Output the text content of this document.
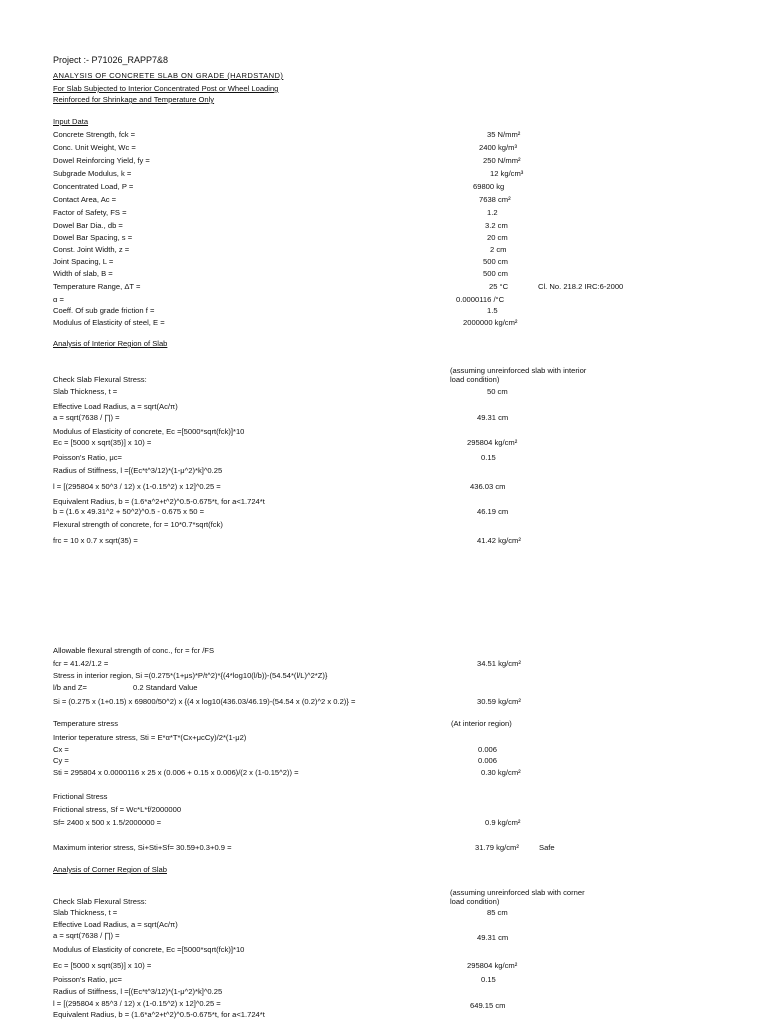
Project :- P71026_RAPP7&8
ANALYSIS OF CONCRETE SLAB ON GRADE (HARDSTAND)
For Slab Subjected to Interior Concentrated Post or Wheel Loading
Reinforced for Shrinkage and Temperature Only
Input Data
Concrete Strength, fck =	35 N/mm²
Conc. Unit Weight, Wc =	2400 kg/m³
Dowel Reinforcing Yield, fy =	250 N/mm²
Subgrade Modulus, k =	12 kg/cm³
Concentrated Load, P =	69800 kg
Contact Area, Ac =	7638 cm²
Factor of Safety, FS =	1.2
Dowel Bar Dia., db =	3.2 cm
Dowel Bar Spacing, s =	20 cm
Const. Joint Width, z =	2 cm
Joint Spacing, L =	500 cm
Width of slab, B =	500 cm
Temperature Range, ΔT =	25 °C	Cl. No. 218.2 IRC:6-2000
α =	0.0000116 /°C
Coeff. Of sub grade friction f =	1.5
Modulus of Elasticity of steel, E =	2000000 kg/cm²
Analysis of Interior Region of Slab
(assuming unreinforced slab with interior
load condition)
Check Slab Flexural Stress:
Slab Thickness, t =	50 cm
Effective Load Radius, a = sqrt(Ac/π)
a = sqrt(7638 / ∏) =	49.31 cm
Modulus of Elasticity of concrete, Ec =[5000*sqrt(fck)]*10
Ec = [5000 x sqrt(35)] x 10) =	295804 kg/cm²
Poisson's Ratio, μc=	0.15
Radius of Stiffness, l =[(Ec*t^3/12)*(1-μ^2)*k]^0.25
l = [(295804 x 50^3 / 12) x (1-0.15^2) x 12]^0.25 =	436.03 cm
Equivalent Radius, b = (1.6*a^2+t^2)^0.5-0.675*t, for a<1.724*t
b = (1.6 x 49.31^2 + 50^2)^0.5 - 0.675 x 50 =	46.19 cm
Flexural strength of concrete, fcr = 10*0.7*sqrt(fck)
frc = 10 x 0.7 x sqrt(35) =	41.42 kg/cm²
Allowable flexural strength of conc., fcr = fcr /FS
fcr = 41.42/1.2 =	34.51 kg/cm²
Stress in interior region, Si =(0.275*(1+μs)*P/t^2)*{(4*log10(l/b))-(54.54*(l/L)^2*Z)}
l/b and Z=	0.2 Standard Value
Si = (0.275 x (1+0.15) x 69800/50^2) x {(4 x log10(436.03/46.19)-(54.54 x (0.2)^2 x 0.2)} =	30.59 kg/cm²
Temperature stress	(At interior region)
Interior teperature stress, Sti = E*α*T*(Cx+μcCy)/2*(1-μ2)
Cx =	0.006
Cy =	0.006
Sti = 295804 x 0.0000116 x 25 x (0.006 + 0.15 x 0.006)/(2 x (1-0.15^2)) =	0.30 kg/cm²
Frictional Stress
Frictional stress, Sf = Wc*L*f/2000000
Sf= 2400 x 500 x 1.5/2000000 =	0.9 kg/cm²
Maximum interior stress, Si+Sti+Sf= 30.59+0.3+0.9 =	31.79 kg/cm²	Safe
Analysis of Corner Region of Slab
(assuming unreinforced slab with corner
load condition)
Check Slab Flexural Stress:
Slab Thickness, t =	85 cm
Effective Load Radius, a = sqrt(Ac/π)
a = sqrt(7638 / ∏) =	49.31 cm
Modulus of Elasticity of concrete, Ec =[5000*sqrt(fck)]*10
Ec = [5000 x sqrt(35)] x 10) =	295804 kg/cm²
Poisson's Ratio, μc=	0.15
Radius of Stiffness, l =[(Ec*t^3/12)*(1-μ^2)*k]^0.25
l = [(295804 x 85^3 / 12) x (1-0.15^2) x 12]^0.25 =	649.15 cm
Equivalent Radius, b = (1.6*a^2+t^2)^0.5-0.675*t, for a<1.724*t
